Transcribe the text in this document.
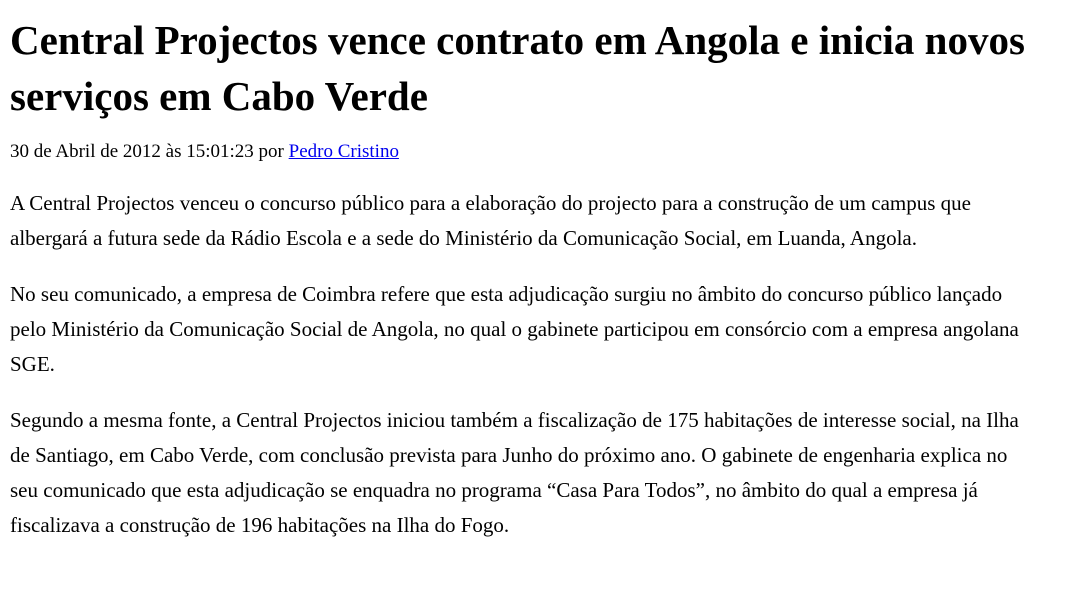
Central Projectos vence contrato em Angola e inicia novos serviços em Cabo Verde
30 de Abril de 2012 às 15:01:23 por Pedro Cristino

A Central Projectos venceu o concurso público para a elaboração do projecto para a construção de um campus que albergará a futura sede da Rádio Escola e a sede do Ministério da Comunicação Social, em Luanda, Angola.

No seu comunicado, a empresa de Coimbra refere que esta adjudicação surgiu no âmbito do concurso público lançado pelo Ministério da Comunicação Social de Angola, no qual o gabinete participou em consórcio com a empresa angolana SGE.

Segundo a mesma fonte, a Central Projectos iniciou também a fiscalização de 175 habitações de interesse social, na Ilha de Santiago, em Cabo Verde, com conclusão prevista para Junho do próximo ano. O gabinete de engenharia explica no seu comunicado que esta adjudicação se enquadra no programa “Casa Para Todos”, no âmbito do qual a empresa já fiscalizava a construção de 196 habitações na Ilha do Fogo.
